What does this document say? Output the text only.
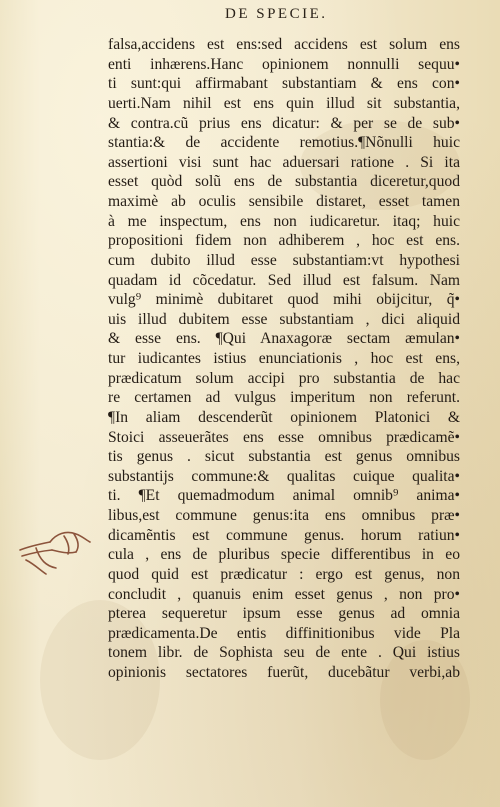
DE SPECIE.
falsa,accidens est ens:sed accidens est solum ens
enti inhærens.Hanc opinionem nonnulli sequu•
ti sunt:qui affirmabant substantiam & ens con•
uerti.Nam nihil est ens quin illud sit substantia,
& contra.cũ prius ens dicatur: & per se de sub•
stantia:& de accidente remotius.¶Nõnulli huic
assertioni visi sunt hac aduersari ratione . Si ita
esset quòd solũ ens de substantia diceretur,quod
maximè ab oculis sensibile distaret, esset tamen
à me inspectum, ens non iudicaretur. itaq; huic
propositioni fidem non adhiberem , hoc est ens.
cum dubito illud esse substantiam:vt hypothesi
quadam id cõcedatur. Sed illud est falsum. Nam
vulg⁹ minimè dubitaret quod mihi obijcitur, q̃•
uis illud dubitem esse substantiam , dici aliquid
& esse ens. ¶Qui Anaxagoræ sectam æmulan•
tur iudicantes istius enunciationis , hoc est ens,
prædicatum solum accipi pro substantia de hac
re certamen ad vulgus imperitum non referunt.
¶In aliam descenderũt opinionem Platonici &
Stoici asseuerãtes ens esse omnibus prædicamẽ•
tis genus . sicut substantia est genus omnibus
substantijs commune:& qualitas cuique qualita•
ti. ¶Et quemadmodum animal omnib⁹ anima•
libus,est commune genus:ita ens omnibus præ•
dicamẽntis est commune genus. horum ratiun•
cula , ens de pluribus specie differentibus in eo
quod quid est prædicatur : ergo est genus, non
concludit , quanuis enim esset genus , non pro•
pterea sequeretur ipsum esse genus ad omnia
prædicamenta.De entis diffinitionibus vide Pla
tonem libr. de Sophista seu de ente . Qui istius
opinionis sectatores fuerũt, ducebãtur verbi,ab
